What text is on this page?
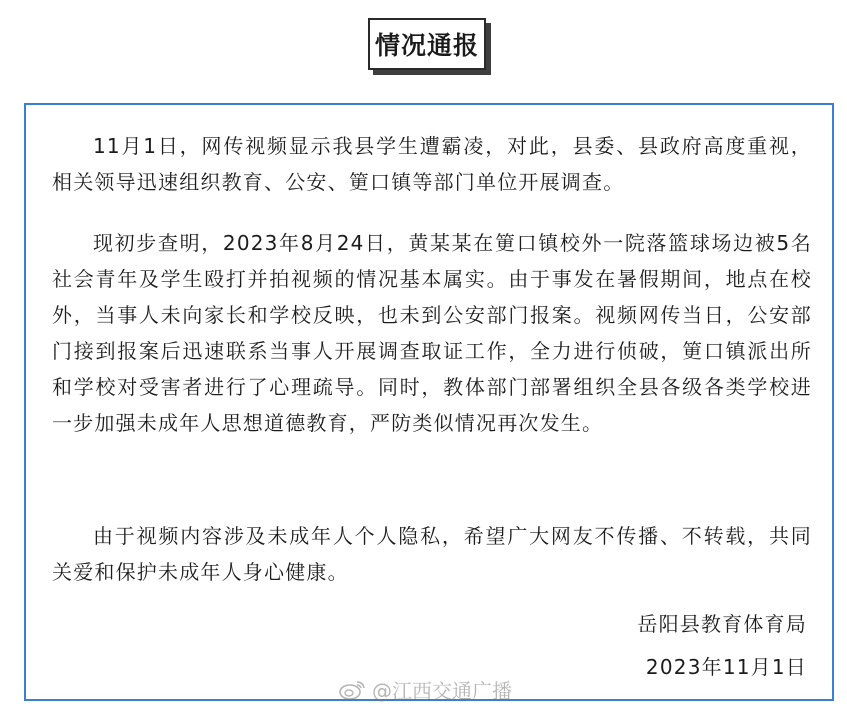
情况通报

11月1日，网传视频显示我县学生遭霸凌，对此，县委、县政府高度重视，相关领导迅速组织教育、公安、筻口镇等部门单位开展调查。

现初步查明，2023年8月24日，黄某某在筻口镇校外一院落篮球场边被5名社会青年及学生殴打并拍视频的情况基本属实。由于事发在暑假期间，地点在校外，当事人未向家长和学校反映，也未到公安部门报案。视频网传当日，公安部门接到报案后迅速联系当事人开展调查取证工作，全力进行侦破，筻口镇派出所和学校对受害者进行了心理疏导。同时，教体部门部署组织全县各级各类学校进一步加强未成年人思想道德教育，严防类似情况再次发生。

由于视频内容涉及未成年人个人隐私，希望广大网友不传播、不转载，共同关爱和保护未成年人身心健康。

岳阳县教育体育局
2023年11月1日
@江西交通广播
